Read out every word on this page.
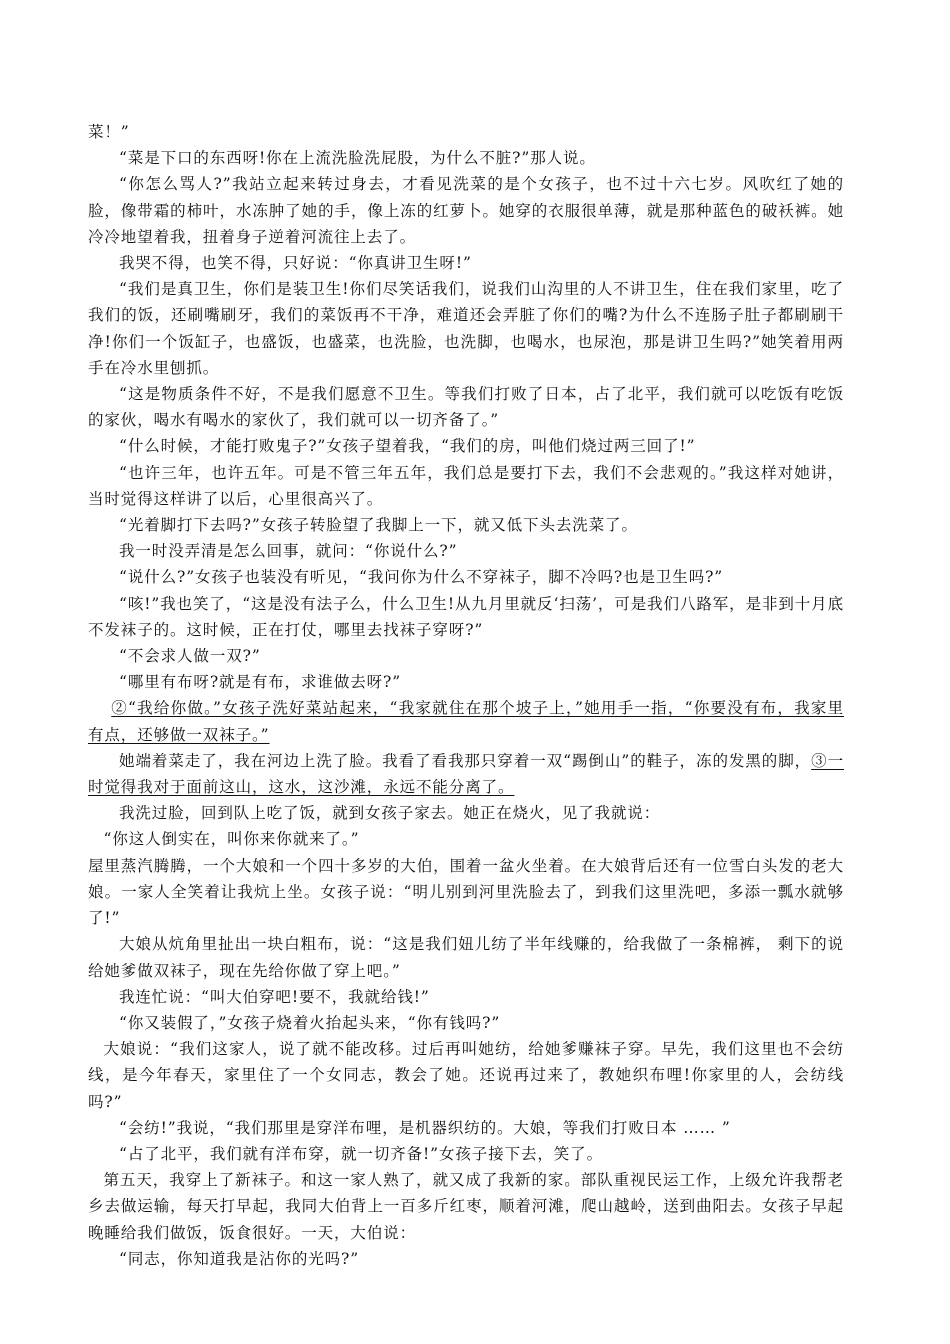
菜！”

“菜是下口的东西呀!你在上流洗脸洗屁股，为什么不脏?”那人说。

“你怎么骂人?”我站立起来转过身去，才看见洗菜的是个女孩子，也不过十六七岁。风吹红了她的脸，像带霜的柿叶，水冻肿了她的手，像上冻的红萝卜。她穿的衣服很单薄，就是那种蓝色的破袄裤。她冷冷地望着我，扭着身子逆着河流往上去了。

我哭不得，也笑不得，只好说：“你真讲卫生呀!”

“我们是真卫生，你们是装卫生!你们尽笑话我们，说我们山沟里的人不讲卫生，住在我们家里，吃了我们的饭，还刷嘴刷牙，我们的菜饭再不干净，难道还会弄脏了你们的嘴?为什么不连肠子肚子都刷刷干净!你们一个饭缸子，也盛饭，也盛菜，也洗脸，也洗脚，也喝水，也尿泡，那是讲卫生吗?”她笑着用两手在冷水里刨抓。

“这是物质条件不好，不是我们愿意不卫生。等我们打败了日本，占了北平，我们就可以吃饭有吃饭的家伙，喝水有喝水的家伙了，我们就可以一切齐备了。”

“什么时候，才能打败鬼子?”女孩子望着我，“我们的房，叫他们烧过两三回了!”

“也许三年，也许五年。可是不管三年五年，我们总是要打下去，我们不会悲观的。”我这样对她讲，当时觉得这样讲了以后，心里很高兴了。

“光着脚打下去吗?”女孩子转脸望了我脚上一下，就又低下头去洗菜了。

我一时没弄清是怎么回事，就问：“你说什么?”

“说什么?”女孩子也装没有听见，“我问你为什么不穿袜子，脚不冷吗?也是卫生吗?”

“咳!”我也笑了，“这是没有法子么，什么卫生!从九月里就反‘扫荡’，可是我们八路军，是非到十月底不发袜子的。这时候，正在打仗，哪里去找袜子穿呀?”

“不会求人做一双?”

“哪里有布呀?就是有布，求谁做去呀?”

②“我给你做。”女孩子洗好菜站起来，“我家就住在那个坡子上，”她用手一指，“你要没有布，我家里有点，还够做一双袜子。”

她端着菜走了，我在河边上洗了脸。我看了看我那只穿着一双“踢倒山”的鞋子，冻的发黑的脚，③一时觉得我对于面前这山，这水，这沙滩，永远不能分离了。

我洗过脸，回到队上吃了饭，就到女孩子家去。她正在烧火，见了我就说：

“你这人倒实在，叫你来你就来了。”

屋里蒸汽腾腾，一个大娘和一个四十多岁的大伯，围着一盆火坐着。在大娘背后还有一位雪白头发的老大娘。一家人全笑着让我炕上坐。女孩子说：“明儿别到河里洗脸去了，到我们这里洗吧，多添一瓢水就够了!”

大娘从炕角里扯出一块白粗布，说：“这是我们妞儿纺了半年线赚的，给我做了一条棉裤， 剩下的说给她爹做双袜子，现在先给你做了穿上吧。”

我连忙说：“叫大伯穿吧!要不，我就给钱!”

“你又装假了，”女孩子烧着火抬起头来，“你有钱吗?”

大娘说：“我们这家人，说了就不能改移。过后再叫她纺，给她爹赚袜子穿。早先，我们这里也不会纺线，是今年春天，家里住了一个女同志，教会了她。还说再过来了，教她织布哩!你家里的人，会纺线吗?”

“会纺!”我说，“我们那里是穿洋布哩，是机器织纺的。大娘，等我们打败日本 …… ”

“占了北平，我们就有洋布穿，就一切齐备!”女孩子接下去，笑了。

第五天，我穿上了新袜子。和这一家人熟了，就又成了我新的家。部队重视民运工作，上级允许我帮老乡去做运输，每天打早起，我同大伯背上一百多斤红枣，顺着河滩，爬山越岭，送到曲阳去。女孩子早起晚睡给我们做饭，饭食很好。一天，大伯说：

“同志，你知道我是沾你的光吗?”
